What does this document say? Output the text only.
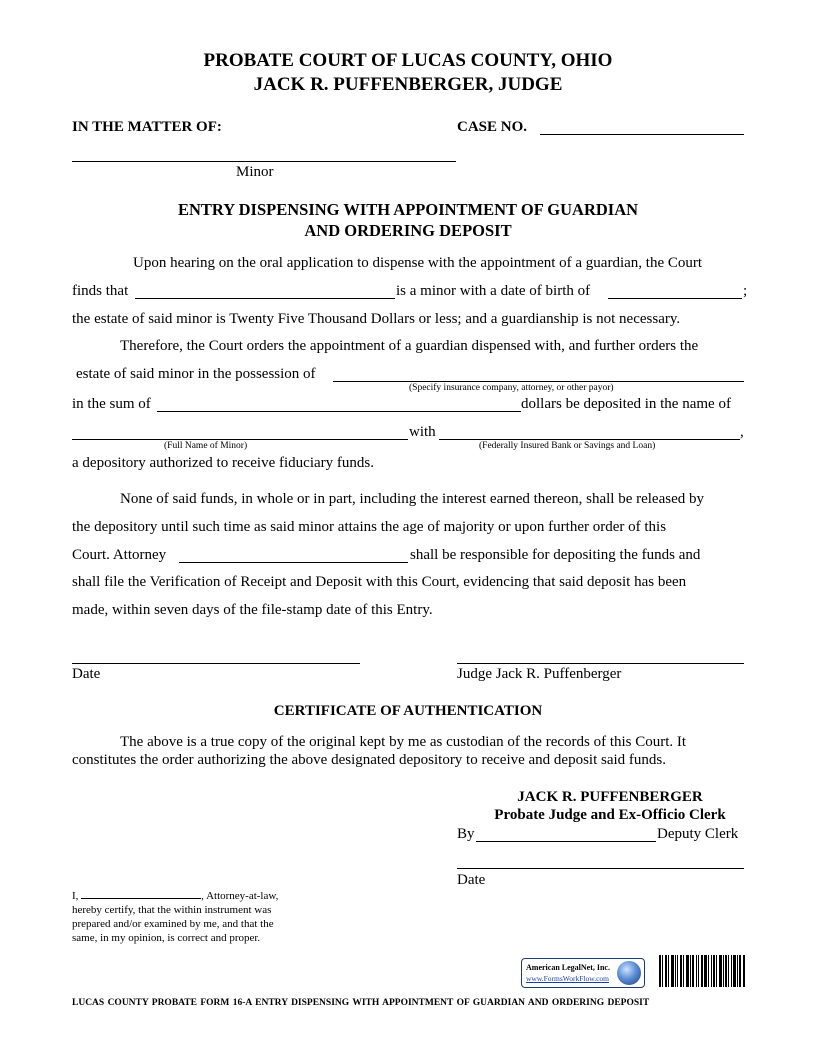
PROBATE COURT OF LUCAS COUNTY, OHIO
JACK R. PUFFENBERGER, JUDGE
IN THE MATTER OF:	CASE NO.
Minor
ENTRY DISPENSING WITH APPOINTMENT OF GUARDIAN
AND ORDERING DEPOSIT
Upon hearing on the oral application to dispense with the appointment of a guardian, the Court
finds that	is a minor with a date of birth of	;
the estate of said minor is Twenty Five Thousand Dollars or less; and a guardianship is not necessary.
Therefore, the Court orders the appointment of a guardian dispensed with, and further orders the
estate of said minor in the possession of
(Specify insurance company, attorney, or other payor)
in the sum of	dollars be deposited in the name of
with	,
(Full Name of Minor)	(Federally Insured Bank or Savings and Loan)
a depository authorized to receive fiduciary funds.
None of said funds, in whole or in part, including the interest earned thereon, shall be released by
the depository until such time as said minor attains the age of majority or upon further order of this
Court. Attorney	shall be responsible for depositing the funds and
shall file the Verification of Receipt and Deposit with this Court, evidencing that said deposit has been
made, within seven days of the file-stamp date of this Entry.
Date	Judge Jack R. Puffenberger
CERTIFICATE OF AUTHENTICATION
The above is a true copy of the original kept by me as custodian of the records of this Court. It
constitutes the order authorizing the above designated depository to receive and deposit said funds.
JACK R. PUFFENBERGER
Probate Judge and Ex-Officio Clerk
By	Deputy Clerk
Date
I,	, Attorney-at-law,
hereby certify, that the within instrument was
prepared and/or examined by me, and that the
same, in my opinion, is correct and proper.
American LegalNet, Inc.
www.FormsWorkFlow.com
LUCAS COUNTY PROBATE FORM 16-A ENTRY DISPENSING WITH APPOINTMENT OF GUARDIAN AND ORDERING DEPOSIT
